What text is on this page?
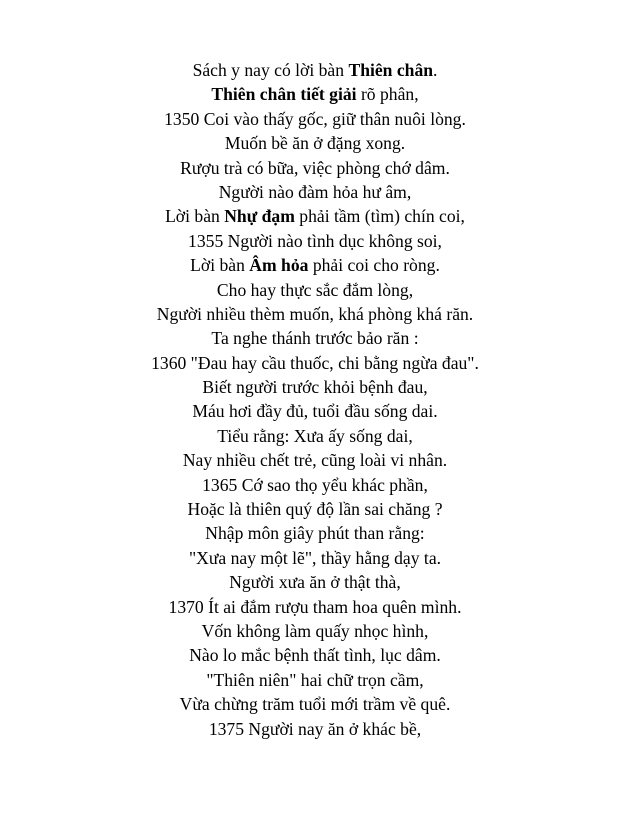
Sách y nay có lời bàn Thiên chân.
Thiên chân tiết giải rõ phân,
1350 Coi vào thấy gốc, giữ thân nuôi lòng.
Muốn bề ăn ở đặng xong.
Rượu trà có bữa, việc phòng chớ dâm.
Người nào đàm hỏa hư âm,
Lời bàn Nhự đạm phải tầm (tìm) chín coi,
1355 Người nào tình dục không soi,
Lời bàn Âm hỏa phải coi cho ròng.
Cho hay thực sắc đắm lòng,
Người nhiều thèm muốn, khá phòng khá răn.
Ta nghe thánh trước bảo răn :
1360 "Đau hay cầu thuốc, chi bằng ngừa đau".
Biết người trước khỏi bệnh đau,
Máu hơi đầy đủ, tuổi đầu sống dai.
Tiểu rằng: Xưa ấy sống dai,
Nay nhiều chết trẻ, cũng loài vi nhân.
1365 Cớ sao thọ yểu khác phần,
Hoặc là thiên quý độ lần sai chăng ?
Nhập môn giây phút than rằng:
"Xưa nay một lẽ", thầy hằng dạy ta.
Người xưa ăn ở thật thà,
1370 Ít ai đắm rượu tham hoa quên mình.
Vốn không làm quấy nhọc hình,
Nào lo mắc bệnh thất tình, lục dâm.
"Thiên niên" hai chữ trọn cầm,
Vừa chừng trăm tuổi mới trầm về quê.
1375 Người nay ăn ở khác bề,
